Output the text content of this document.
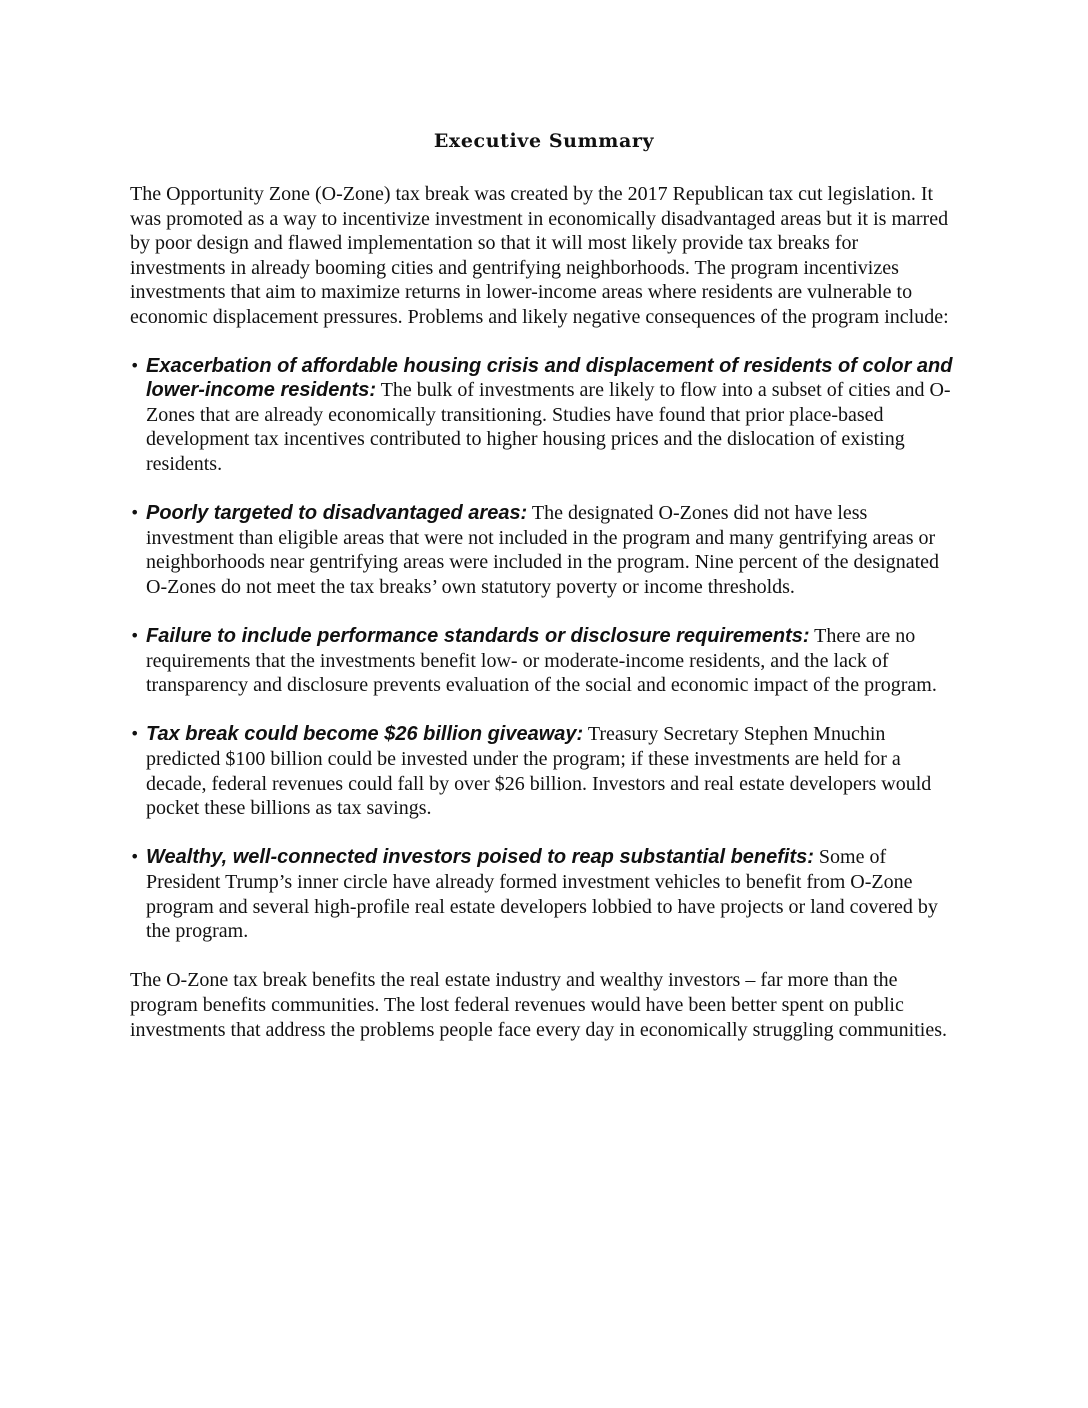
Executive Summary

The Opportunity Zone (O-Zone) tax break was created by the 2017 Republican tax cut legislation. It was promoted as a way to incentivize investment in economically disadvantaged areas but it is marred by poor design and flawed implementation so that it will most likely provide tax breaks for investments in already booming cities and gentrifying neighborhoods. The program incentivizes investments that aim to maximize returns in lower-income areas where residents are vulnerable to economic displacement pressures. Problems and likely negative consequences of the program include:

• Exacerbation of affordable housing crisis and displacement of residents of color and lower-income residents: The bulk of investments are likely to flow into a subset of cities and O-Zones that are already economically transitioning. Studies have found that prior place-based development tax incentives contributed to higher housing prices and the dislocation of existing residents.
• Poorly targeted to disadvantaged areas: The designated O-Zones did not have less investment than eligible areas that were not included in the program and many gentrifying areas or neighborhoods near gentrifying areas were included in the program. Nine percent of the designated O-Zones do not meet the tax breaks’ own statutory poverty or income thresholds.
• Failure to include performance standards or disclosure requirements: There are no requirements that the investments benefit low- or moderate-income residents, and the lack of transparency and disclosure prevents evaluation of the social and economic impact of the program.
• Tax break could become $26 billion giveaway: Treasury Secretary Stephen Mnuchin predicted $100 billion could be invested under the program; if these investments are held for a decade, federal revenues could fall by over $26 billion. Investors and real estate developers would pocket these billions as tax savings.
• Wealthy, well-connected investors poised to reap substantial benefits: Some of President Trump’s inner circle have already formed investment vehicles to benefit from O-Zone program and several high-profile real estate developers lobbied to have projects or land covered by the program.

The O-Zone tax break benefits the real estate industry and wealthy investors – far more than the program benefits communities. The lost federal revenues would have been better spent on public investments that address the problems people face every day in economically struggling communities.
